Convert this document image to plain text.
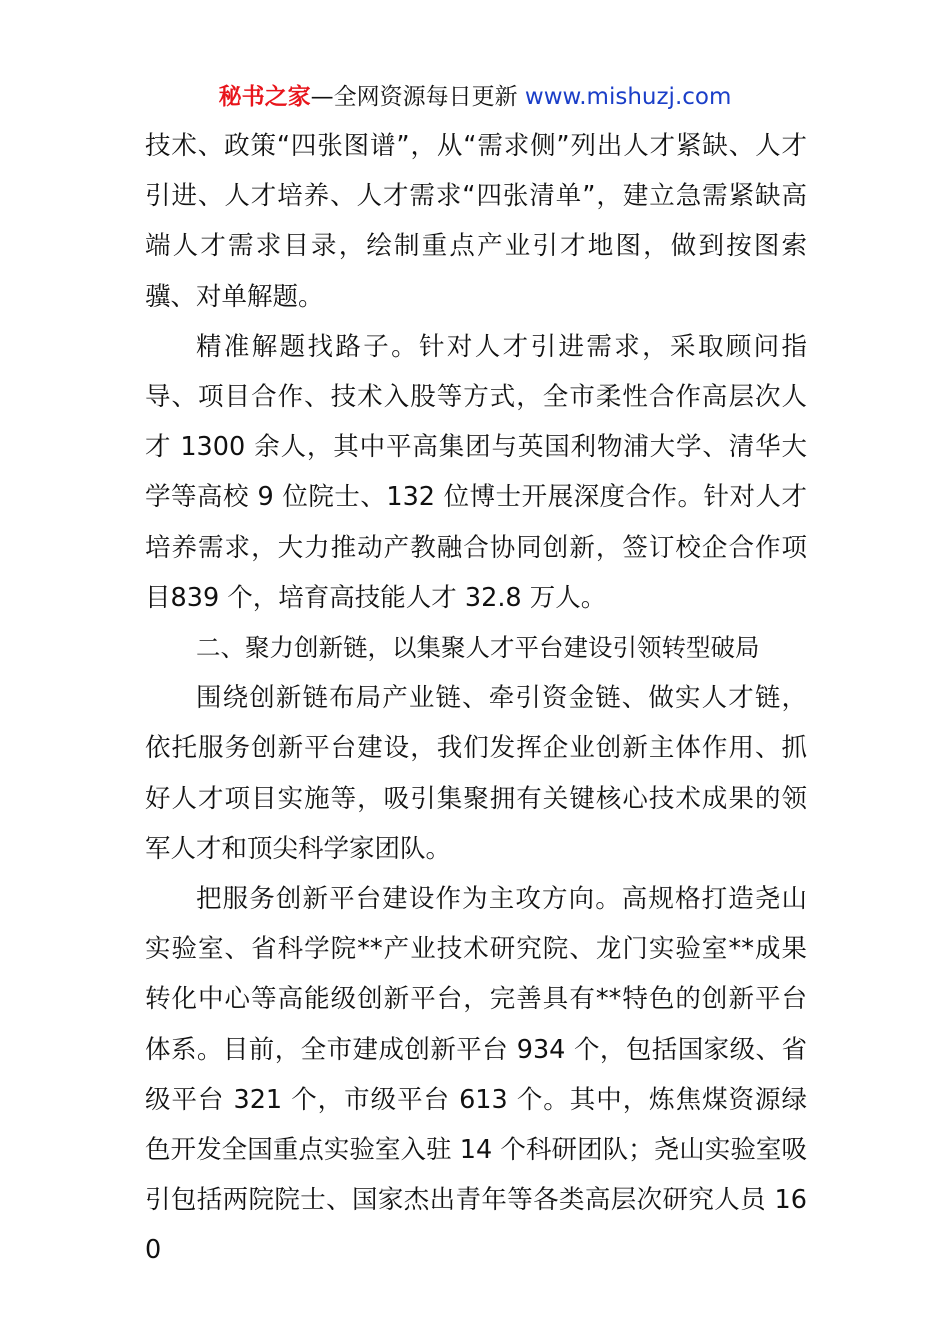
秘书之家—全网资源每日更新 www.mishuzj.com

技术、政策“四张图谱”，从“需求侧”列出人才紧缺、人才引进、人才培养、人才需求“四张清单”，建立急需紧缺高端人才需求目录，绘制重点产业引才地图，做到按图索骥、对单解题。

精准解题找路子。针对人才引进需求，采取顾问指导、项目合作、技术入股等方式，全市柔性合作高层次人才 1300 余人，其中平高集团与英国利物浦大学、清华大学等高校 9 位院士、132 位博士开展深度合作。针对人才培养需求，大力推动产教融合协同创新，签订校企合作项目839 个，培育高技能人才 32.8 万人。

二、聚力创新链，以集聚人才平台建设引领转型破局

围绕创新链布局产业链、牵引资金链、做实人才链，依托服务创新平台建设，我们发挥企业创新主体作用、抓好人才项目实施等，吸引集聚拥有关键核心技术成果的领军人才和顶尖科学家团队。

把服务创新平台建设作为主攻方向。高规格打造尧山实验室、省科学院**产业技术研究院、龙门实验室**成果转化中心等高能级创新平台，完善具有**特色的创新平台体系。目前，全市建成创新平台 934 个，包括国家级、省级平台 321 个，市级平台 613 个。其中，炼焦煤资源绿色开发全国重点实验室入驻 14 个科研团队；尧山实验室吸引包括两院院士、国家杰出青年等各类高层次研究人员 160
